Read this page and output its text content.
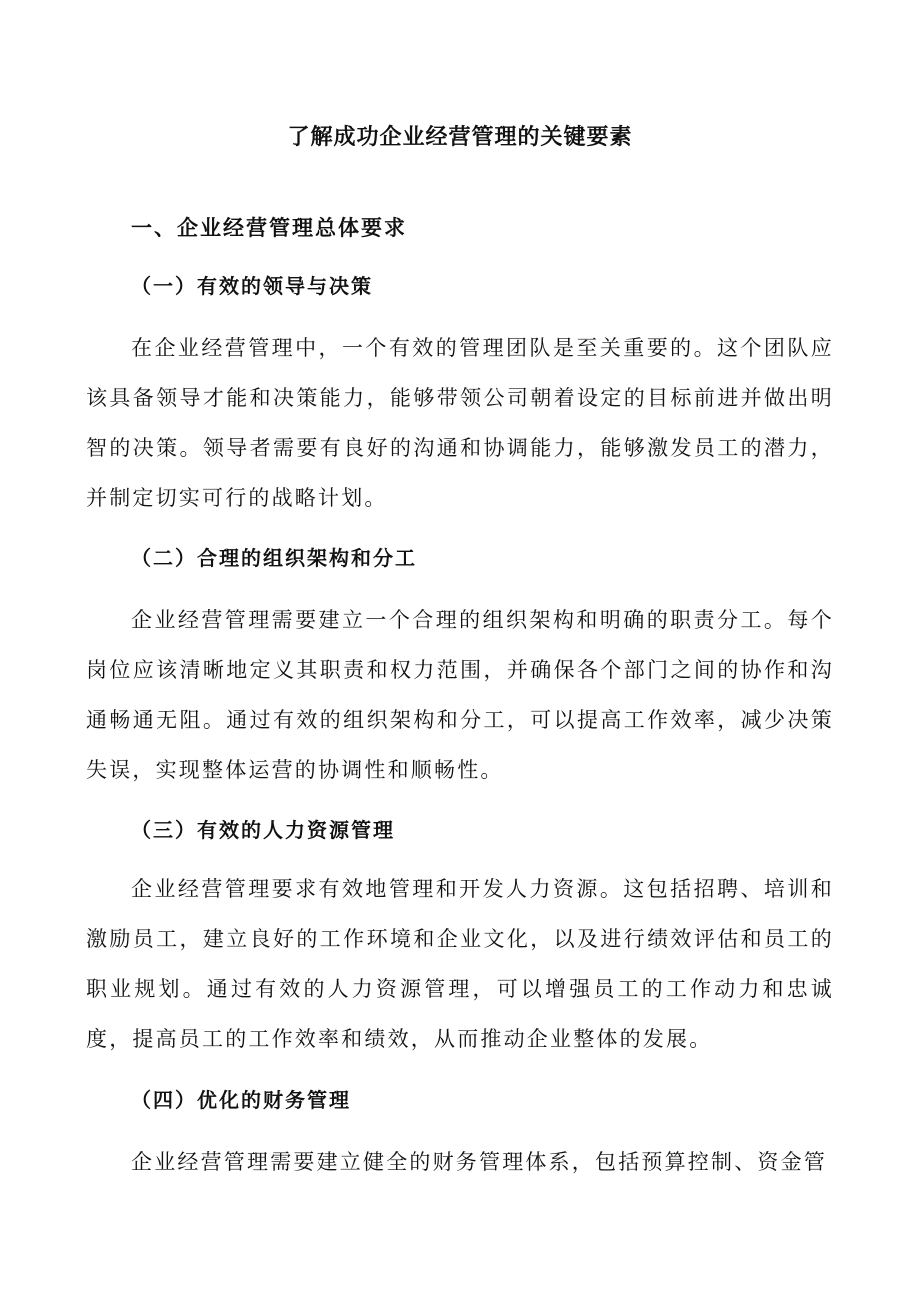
了解成功企业经营管理的关键要素
一、企业经营管理总体要求
（一）有效的领导与决策

在企业经营管理中，一个有效的管理团队是至关重要的。这个团队应该具备领导才能和决策能力，能够带领公司朝着设定的目标前进并做出明智的决策。领导者需要有良好的沟通和协调能力，能够激发员工的潜力，并制定切实可行的战略计划。

（二）合理的组织架构和分工

企业经营管理需要建立一个合理的组织架构和明确的职责分工。每个岗位应该清晰地定义其职责和权力范围，并确保各个部门之间的协作和沟通畅通无阻。通过有效的组织架构和分工，可以提高工作效率，减少决策失误，实现整体运营的协调性和顺畅性。

（三）有效的人力资源管理

企业经营管理要求有效地管理和开发人力资源。这包括招聘、培训和激励员工，建立良好的工作环境和企业文化，以及进行绩效评估和员工的职业规划。通过有效的人力资源管理，可以增强员工的工作动力和忠诚度，提高员工的工作效率和绩效，从而推动企业整体的发展。

（四）优化的财务管理

企业经营管理需要建立健全的财务管理体系，包括预算控制、资金管
